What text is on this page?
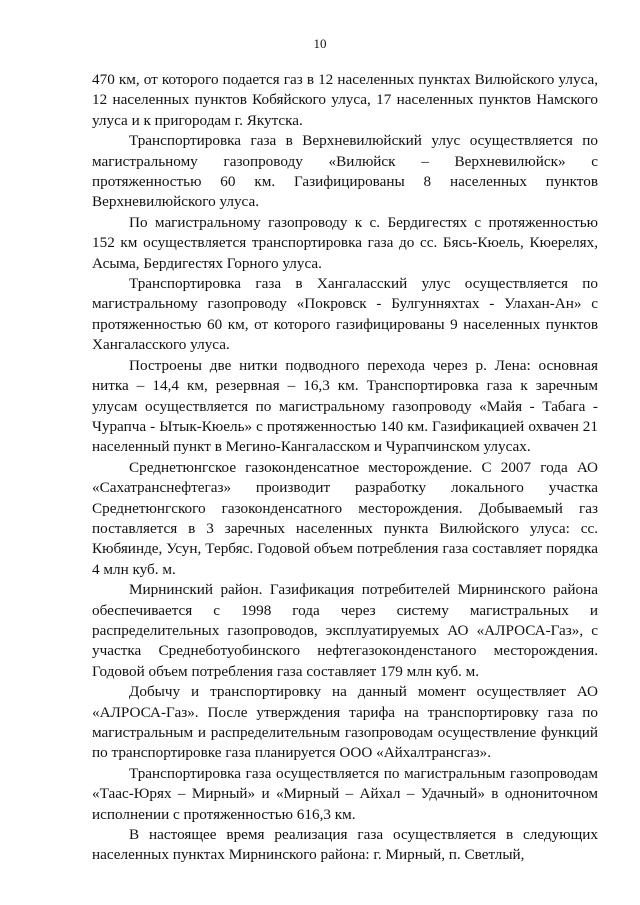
10

470 км, от которого подается газ в 12 населенных пунктах Вилюйского улуса, 12 населенных пунктов Кобяйского улуса, 17 населенных пунктов Намского улуса и к пригородам г. Якутска.

Транспортировка газа в Верхневилюйский улус осуществляется по магистральному газопроводу «Вилюйск – Верхневилюйск» с протяженностью 60 км. Газифицированы 8 населенных пунктов Верхневилюйского улуса.

По магистральному газопроводу к с. Бердигестях с протяженностью 152 км осуществляется транспортировка газа до сс. Бясь-Кюель, Кюерелях, Асыма, Бердигестях Горного улуса.

Транспортировка газа в Хангаласский улус осуществляется по магистральному газопроводу «Покровск - Булгунняхтах - Улахан-Ан» с протяженностью 60 км, от которого газифицированы 9 населенных пунктов Хангаласского улуса.

Построены две нитки подводного перехода через р. Лена: основная нитка – 14,4 км, резервная – 16,3 км. Транспортировка газа к заречным улусам осуществляется по магистральному газопроводу «Майя - Табага - Чурапча - Ытык-Кюель» с протяженностью 140 км. Газификацией охвачен 21 населенный пункт в Мегино-Кангаласском и Чурапчинском улусах.

Среднетюнгское газоконденсатное месторождение. С 2007 года АО «Сахатранснефтегаз» производит разработку локального участка Среднетюнгского газоконденсатного месторождения. Добываемый газ поставляется в 3 заречных населенных пункта Вилюйского улуса: сс. Кюбяинде, Усун, Тербяс. Годовой объем потребления газа составляет порядка 4 млн куб. м.

Мирнинский район. Газификация потребителей Мирнинского района обеспечивается с 1998 года через систему магистральных и распределительных газопроводов, эксплуатируемых АО «АЛРОСА-Газ», с участка Среднеботуобинского нефтегазоконденстаного месторождения. Годовой объем потребления газа составляет 179 млн куб. м.

Добычу и транспортировку на данный момент осуществляет АО «АЛРОСА-Газ». После утверждения тарифа на транспортировку газа по магистральным и распределительным газопроводам осуществление функций по транспортировке газа планируется ООО «Айхалтрансгаз».

Транспортировка газа осуществляется по магистральным газопроводам «Таас-Юрях – Мирный» и «Мирный – Айхал – Удачный» в однониточном исполнении с протяженностью 616,3 км.

В настоящее время реализация газа осуществляется в следующих населенных пунктах Мирнинского района: г. Мирный, п. Светлый,
